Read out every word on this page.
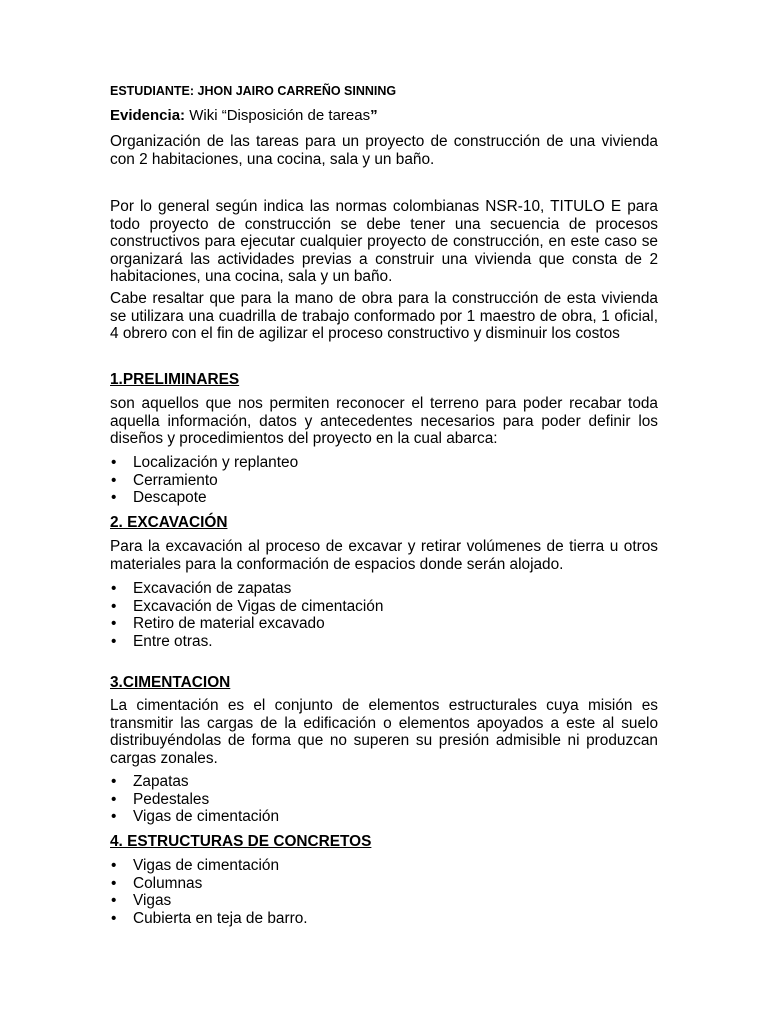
ESTUDIANTE: JHON JAIRO CARREÑO SINNING
Evidencia: Wiki “Disposición de tareas”
Organización de las tareas para un proyecto de construcción de una vivienda con 2 habitaciones, una cocina, sala y un baño.
Por lo general según indica las normas colombianas NSR-10, TITULO E para todo proyecto de construcción se debe tener una secuencia de procesos constructivos para ejecutar cualquier proyecto de construcción, en este caso se organizará las actividades previas a construir una vivienda que consta de 2 habitaciones, una cocina, sala y un baño.
Cabe resaltar que para la mano de obra para la construcción de esta vivienda se utilizara una cuadrilla de trabajo conformado por 1 maestro de obra, 1 oficial, 4 obrero con el fin de agilizar el proceso constructivo y disminuir los costos
1.PRELIMINARES
son aquellos que nos permiten reconocer el terreno para poder recabar toda aquella información, datos y antecedentes necesarios para poder definir los diseños y procedimientos del proyecto en la cual abarca:
• Localización y replanteo
• Cerramiento
• Descapote
2. EXCAVACIÓN
Para la excavación al proceso de excavar y retirar volúmenes de tierra u otros materiales para la conformación de espacios donde serán alojado.
• Excavación de zapatas
• Excavación de Vigas de cimentación
• Retiro de material excavado
• Entre otras.
3.CIMENTACION
La cimentación es el conjunto de elementos estructurales cuya misión es transmitir las cargas de la edificación o elementos apoyados a este al suelo distribuyéndolas de forma que no superen su presión admisible ni produzcan cargas zonales.
• Zapatas
• Pedestales
• Vigas de cimentación
4. ESTRUCTURAS DE CONCRETOS
• Vigas de cimentación
• Columnas
• Vigas
• Cubierta en teja de barro.
